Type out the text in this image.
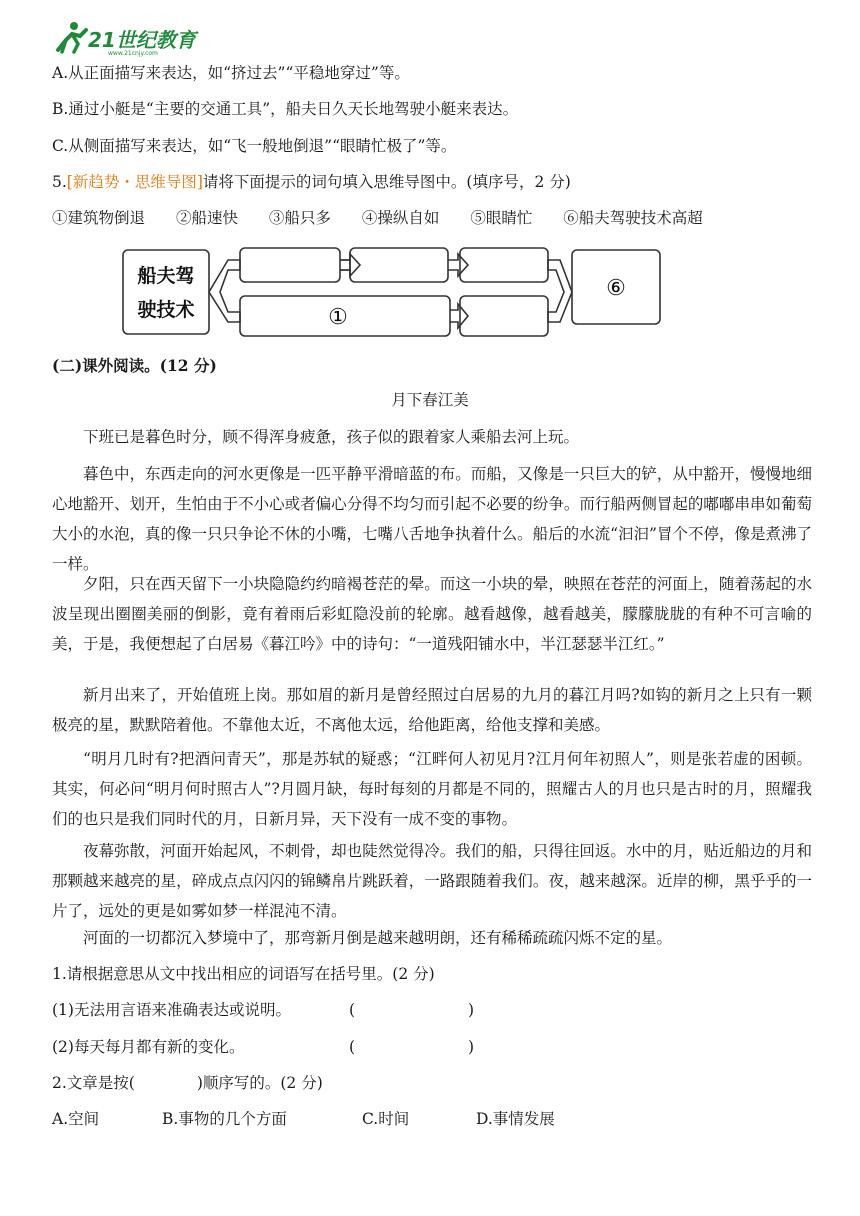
21世纪教育
www.21cnjy.com
A.从正面描写来表达，如“挤过去”“平稳地穿过”等。
B.通过小艇是“主要的交通工具”，船夫日久天长地驾驶小艇来表达。
C.从侧面描写来表达，如“飞一般地倒退”“眼睛忙极了”等。
5.[新趋势・思维导图]请将下面提示的词句填入思维导图中。(填序号，2 分)
①建筑物倒退 ②船速快 ③船只多 ④操纵自如 ⑤眼睛忙 ⑥船夫驾驶技术高超
船夫驾
驶技术	①
⑥
(二)课外阅读。(12 分)
月下春江美
下班已是暮色时分，顾不得浑身疲惫，孩子似的跟着家人乘船去河上玩。
暮色中，东西走向的河水更像是一匹平静平滑暗蓝的布。而船，又像是一只巨大的铲，从中豁开，慢慢地细心地豁开、划开，生怕由于不小心或者偏心分得不均匀而引起不必要的纷争。而行船两侧冒起的嘟嘟串串如葡萄大小的水泡，真的像一只只争论不休的小嘴，七嘴八舌地争执着什么。船后的水流“汩汩”冒个不停，像是煮沸了一样。
夕阳，只在西天留下一小块隐隐约约暗褐苍茫的晕。而这一小块的晕，映照在苍茫的河面上，随着荡起的水波呈现出圈圈美丽的倒影，竟有着雨后彩虹隐没前的轮廓。越看越像，越看越美，朦朦胧胧的有种不可言喻的美，于是，我便想起了白居易《暮江吟》中的诗句：“一道残阳铺水中，半江瑟瑟半江红。”
新月出来了，开始值班上岗。那如眉的新月是曾经照过白居易的九月的暮江月吗?如钩的新月之上只有一颗极亮的星，默默陪着他。不靠他太近，不离他太远，给他距离，给他支撑和美感。
“明月几时有?把酒问青天”，那是苏轼的疑惑；“江畔何人初见月?江月何年初照人”，则是张若虚的困顿。其实，何必问“明月何时照古人”?月圆月缺，每时每刻的月都是不同的，照耀古人的月也只是古时的月，照耀我们的也只是我们同时代的月，日新月异，天下没有一成不变的事物。
夜幕弥散，河面开始起风，不刺骨，却也陡然觉得冷。我们的船，只得往回返。水中的月，贴近船边的月和那颗越来越亮的星，碎成点点闪闪的锦鳞帛片跳跃着，一路跟随着我们。夜，越来越深。近岸的柳，黑乎乎的一片了，远处的更是如雾如梦一样混沌不清。
河面的一切都沉入梦境中了，那弯新月倒是越来越明朗，还有稀稀疏疏闪烁不定的星。
1.请根据意思从文中找出相应的词语写在括号里。(2 分)
(1)无法用言语来准确表达或说明。	(	)
(2)每天每月都有新的变化。	(	)
2.文章是按(　　　　)顺序写的。(2 分)
A.空间	B.事物的几个方面	C.时间	D.事情发展
